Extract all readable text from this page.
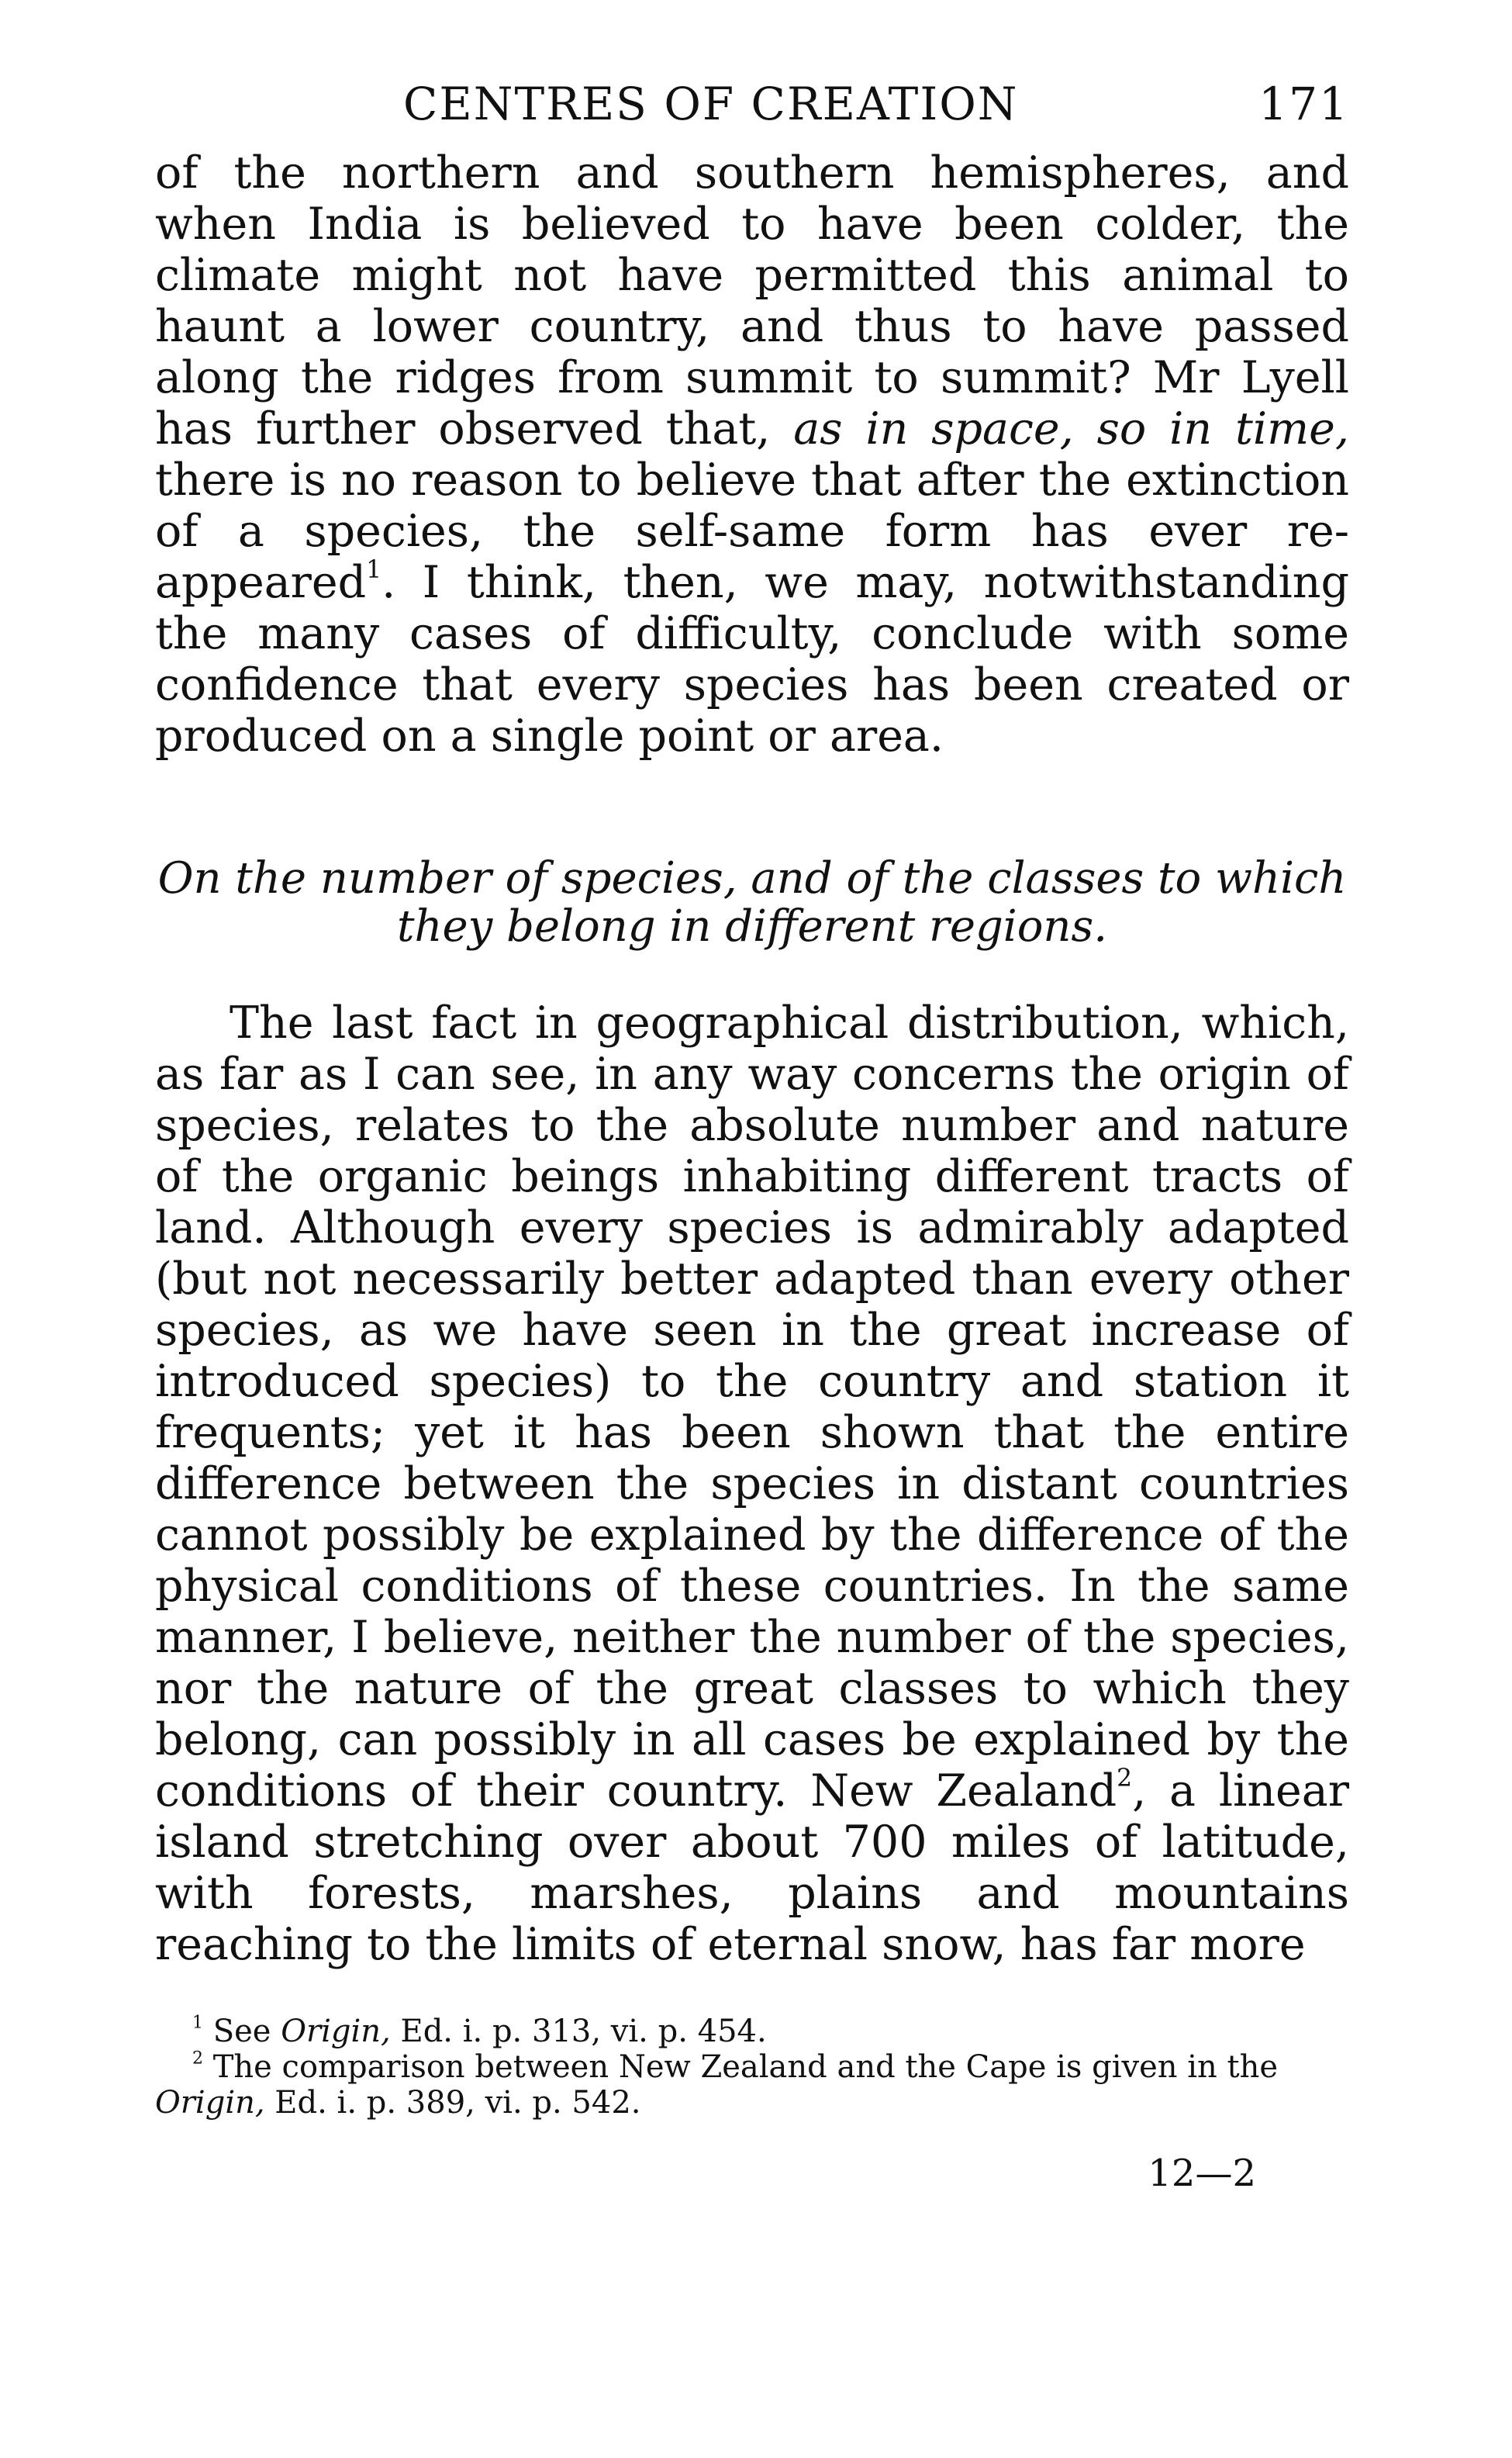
CENTRES OF CREATION	171

of the northern and southern hemispheres, and when India is believed to have been colder, the climate might not have permitted this animal to haunt a lower country, and thus to have passed along the ridges from summit to summit? Mr Lyell has further observed that, as in space, so in time, there is no reason to believe that after the extinction of a species, the self-same form has ever re-appeared$^1$. I think, then, we may, notwithstanding the many cases of difficulty, conclude with some confidence that every species has been created or produced on a single point or area.

On the number of species, and of the classes to which
they belong in different regions.

The last fact in geographical distribution, which, as far as I can see, in any way concerns the origin of species, relates to the absolute number and nature of the organic beings inhabiting different tracts of land. Although every species is admirably adapted (but not necessarily better adapted than every other species, as we have seen in the great increase of introduced species) to the country and station it frequents; yet it has been shown that the entire difference between the species in distant countries cannot possibly be explained by the difference of the physical conditions of these countries. In the same manner, I believe, neither the number of the species, nor the nature of the great classes to which they belong, can possibly in all cases be explained by the conditions of their country. New Zealand$^2$, a linear island stretching over about 700 miles of latitude, with forests, marshes, plains and mountains reaching to the limits of eternal snow, has far more

$^1$ See Origin, Ed. i. p. 313, vi. p. 454.

$^2$ The comparison between New Zealand and the Cape is given in the Origin, Ed. i. p. 389, vi. p. 542.

12—2
